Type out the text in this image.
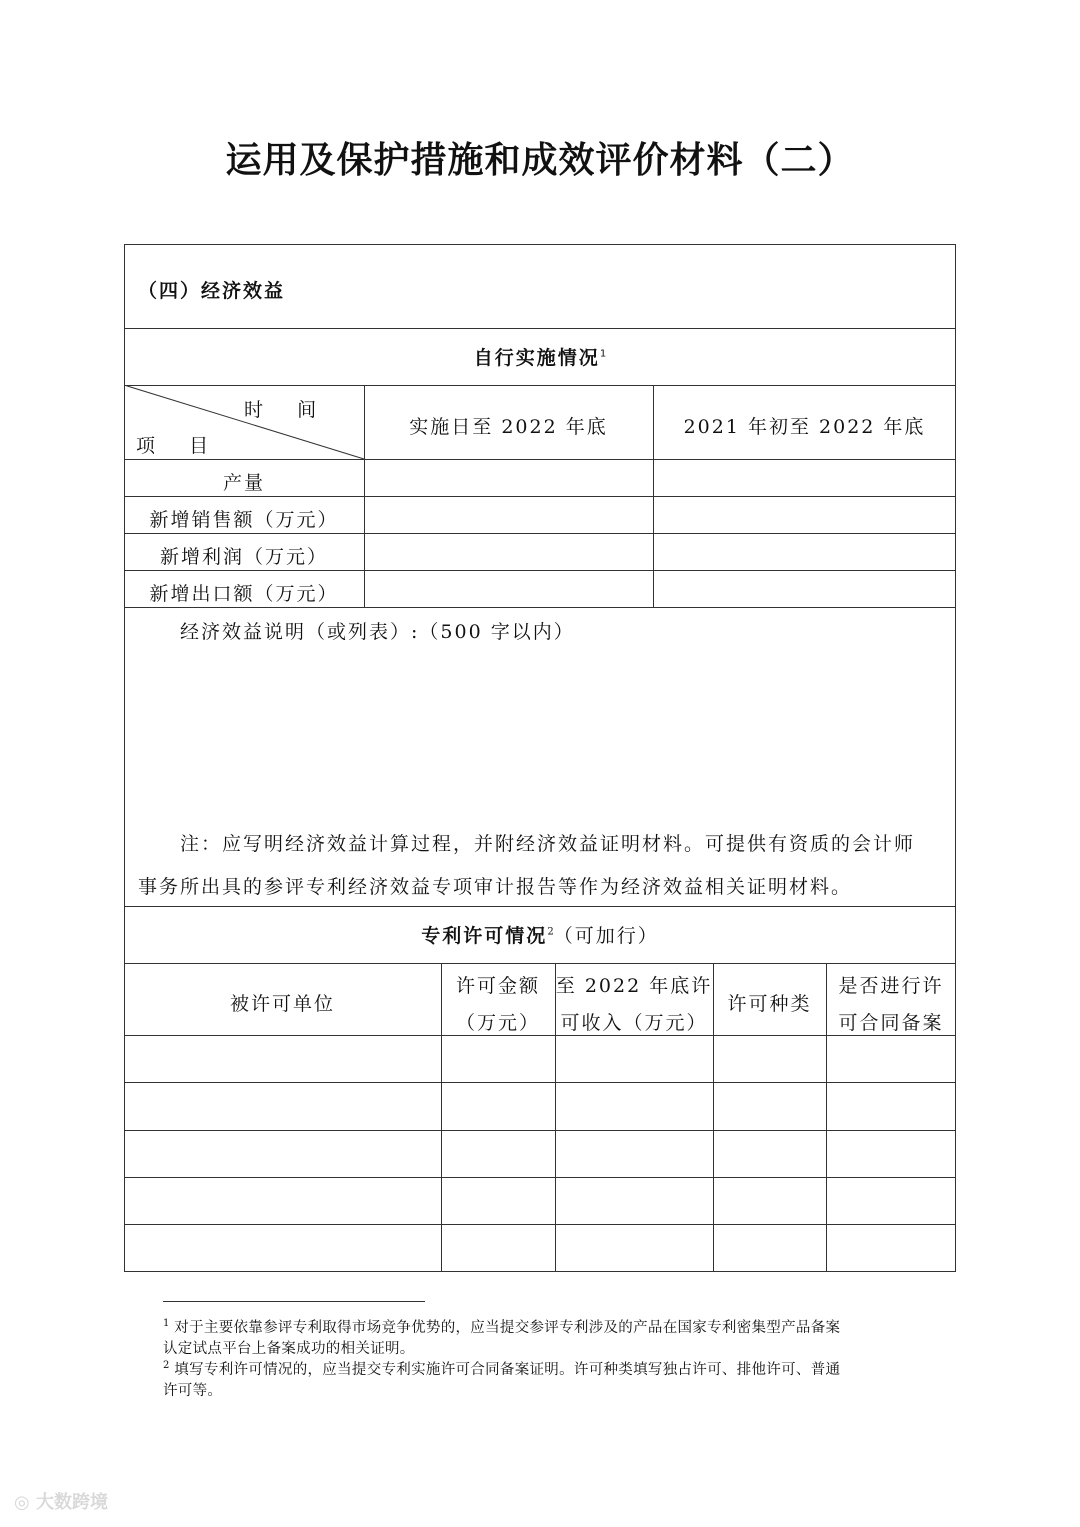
运用及保护措施和成效评价材料（二）
（四）经济效益
自行实施情况$^1$
时    间
项    目
实施日至 2022 年底	2021 年初至 2022 年底
产量
新增销售额（万元）
新增利润（万元）
新增出口额（万元）
经济效益说明（或列表）:（500 字以内）
注：应写明经济效益计算过程，并附经济效益证明材料。可提供有资质的会计师
事务所出具的参评专利经济效益专项审计报告等作为经济效益相关证明材料。
专利许可情况$^2$（可加行）
被许可单位
许可金额
（万元）
至 2022 年底许
可收入（万元）
许可种类
是否进行许
可合同备案
$^1$ 对于主要依靠参评专利取得市场竞争优势的，应当提交参评专利涉及的产品在国家专利密集型产品备案
认定试点平台上备案成功的相关证明。
$^2$ 填写专利许可情况的，应当提交专利实施许可合同备案证明。许可种类填写独占许可、排他许可、普通
许可等。
◎ 大数跨境
